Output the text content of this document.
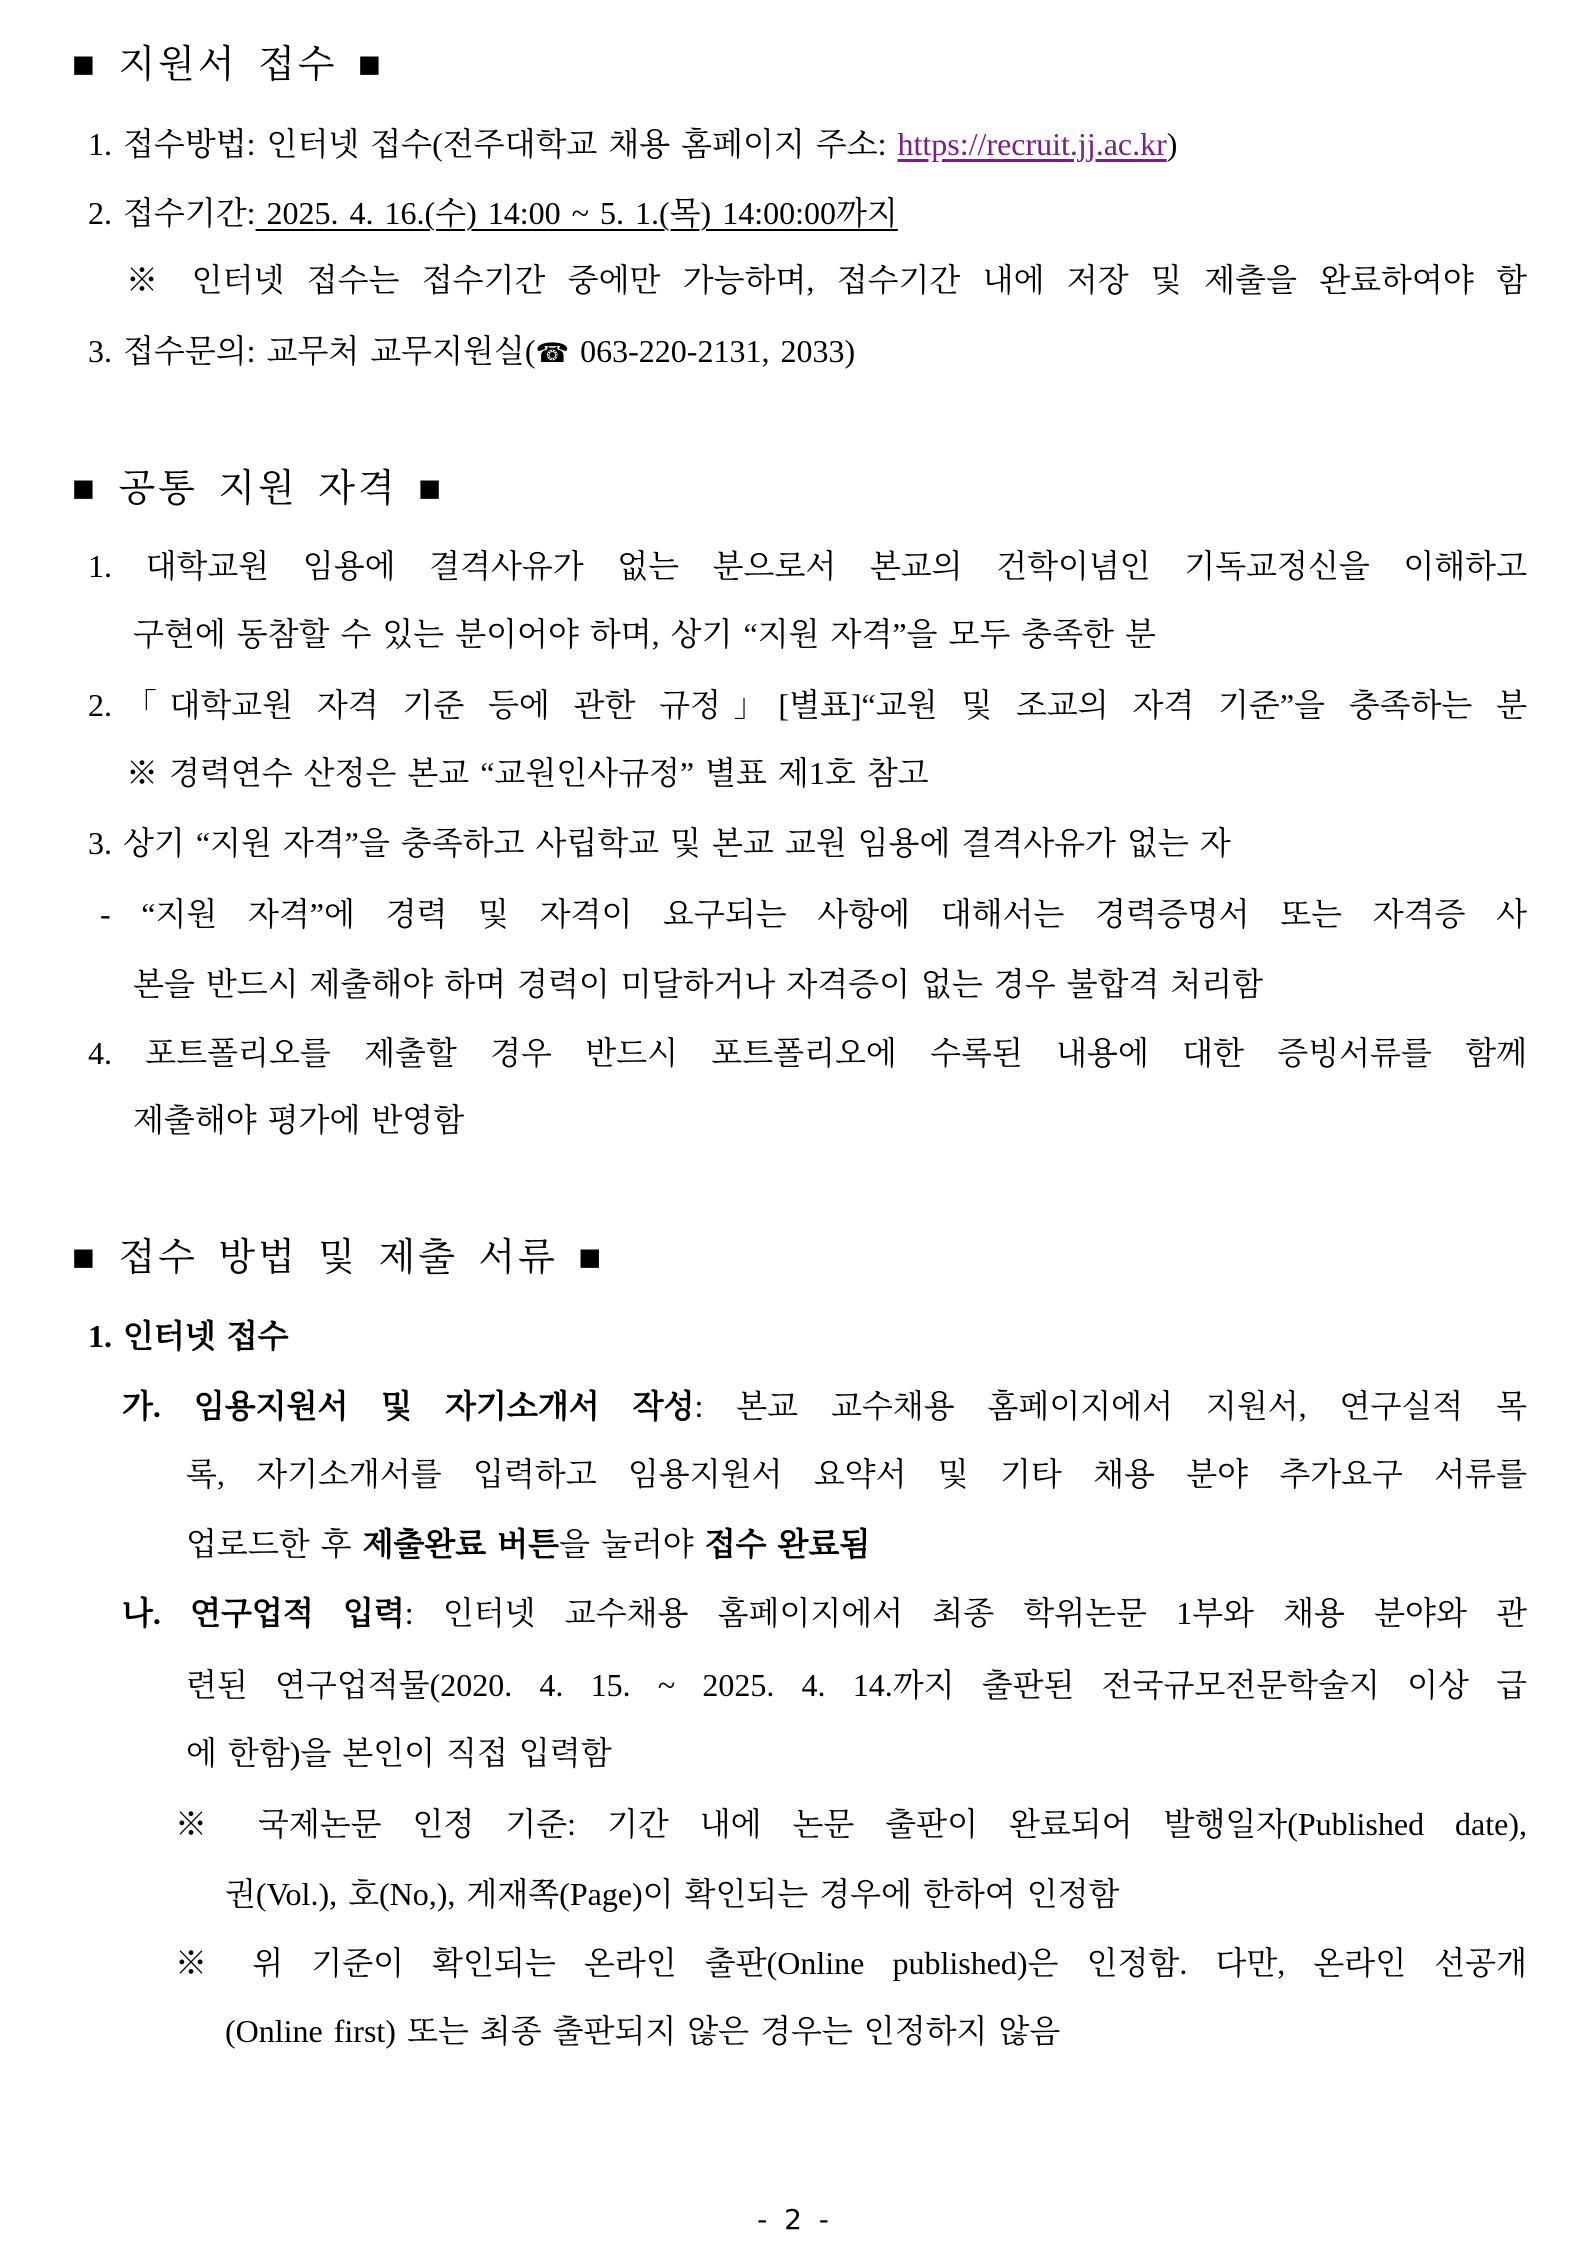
■ 지원서 접수 ■
1. 접수방법: 인터넷 접수(전주대학교 채용 홈페이지 주소: https://recruit.jj.ac.kr)
2. 접수기간: 2025. 4. 16.(수) 14:00 ~ 5. 1.(목) 14:00:00까지
※ 인터넷 접수는 접수기간 중에만 가능하며, 접수기간 내에 저장 및 제출을 완료하여야 함
3. 접수문의: 교무처 교무지원실(☎ 063-220-2131, 2033)
■ 공통 지원 자격 ■
1. 대학교원 임용에 결격사유가 없는 분으로서 본교의 건학이념인 기독교정신을 이해하고
구현에 동참할 수 있는 분이어야 하며, 상기 “지원 자격”을 모두 충족한 분
2.「대학교원 자격 기준 등에 관한 규정」[별표]“교원 및 조교의 자격 기준”을 충족하는 분
※ 경력연수 산정은 본교 “교원인사규정” 별표 제1호 참고
3. 상기 “지원 자격”을 충족하고 사립학교 및 본교 교원 임용에 결격사유가 없는 자
- “지원 자격”에 경력 및 자격이 요구되는 사항에 대해서는 경력증명서 또는 자격증 사
본을 반드시 제출해야 하며 경력이 미달하거나 자격증이 없는 경우 불합격 처리함
4. 포트폴리오를 제출할 경우 반드시 포트폴리오에 수록된 내용에 대한 증빙서류를 함께
제출해야 평가에 반영함
■ 접수 방법 및 제출 서류 ■
1. 인터넷 접수
가. 임용지원서 및 자기소개서 작성: 본교 교수채용 홈페이지에서 지원서, 연구실적 목
록, 자기소개서를 입력하고 임용지원서 요약서 및 기타 채용 분야 추가요구 서류를
업로드한 후 제출완료 버튼을 눌러야 접수 완료됨
나. 연구업적 입력: 인터넷 교수채용 홈페이지에서 최종 학위논문 1부와 채용 분야와 관
련된 연구업적물(2020. 4. 15. ~ 2025. 4. 14.까지 출판된 전국규모전문학술지 이상 급
에 한함)을 본인이 직접 입력함
※ 국제논문 인정 기준: 기간 내에 논문 출판이 완료되어 발행일자(Published date),
권(Vol.), 호(No,), 게재쪽(Page)이 확인되는 경우에 한하여 인정함
※ 위 기준이 확인되는 온라인 출판(Online published)은 인정함. 다만, 온라인 선공개
(Online first) 또는 최종 출판되지 않은 경우는 인정하지 않음
- 2 -
